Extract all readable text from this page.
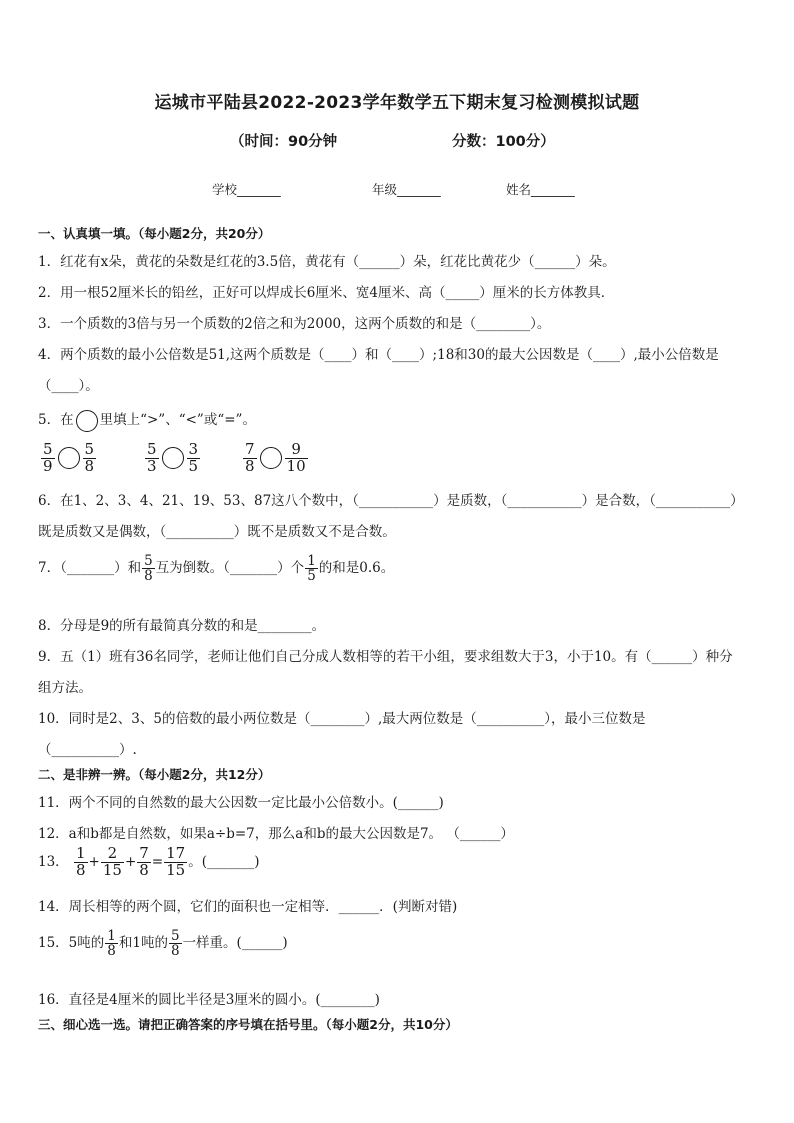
运城市平陆县2022-2023学年数学五下期末复习检测模拟试题
（时间：90分钟	分数：100分）
学校_______	年级_______	姓名_______
一、认真填一填。（每小题2分，共20分）
1．红花有x朵，黄花的朵数是红花的3.5倍，黄花有（______）朵，红花比黄花少（______）朵。
2．用一根52厘米长的铅丝，正好可以焊成长6厘米、宽4厘米、高（_____）厘米的长方体教具．
3．一个质数的3倍与另一个质数的2倍之和为2000，这两个质数的和是（________）。
4．两个质数的最小公倍数是51,这两个质数是（____）和（____）;18和30的最大公因数是（____）,最小公倍数是
（____）。
5．在 里填上“>”、“<”或“=”。
$\frac{5}{9} \frac{5}{8}$	$\frac{5}{3} \frac{3}{5}$	$\frac{7}{8} \frac{9}{10}$
6．在1、2、3、4、21、19、53、87这八个数中，（___________）是质数，（___________）是合数，（___________）
既是质数又是偶数，（__________）既不是质数又不是合数。
7．（_______）和 $\frac{5}{8}$ 互为倒数。（_______）个 $\frac{1}{5}$ 的和是0.6。
8．分母是9的所有最简真分数的和是________。
9．五（1）班有36名同学，老师让他们自己分成人数相等的若干小组，要求组数大于3，小于10。有（______）种分
组方法。
10．同时是2、3、5的倍数的最小两位数是（________）,最大两位数是（__________），最小三位数是
（__________）.
二、是非辨一辨。（每小题2分，共12分）
11．两个不同的自然数的最大公因数一定比最小公倍数小。(______)
12．a和b都是自然数，如果a÷b=7，那么a和b的最大公因数是7。 （______）
13． $\frac{1}{8} + \frac{2}{15} + \frac{7}{8} = \frac{17}{15}$ 。(_______)
14．周长相等的两个圆，它们的面积也一定相等．______．(判断对错)
15．5吨的 $\frac{1}{8}$ 和1吨的 $\frac{5}{8}$ 一样重。(______)
16．直径是4厘米的圆比半径是3厘米的圆小。(________)
三、细心选一选。请把正确答案的序号填在括号里。（每小题2分，共10分）
